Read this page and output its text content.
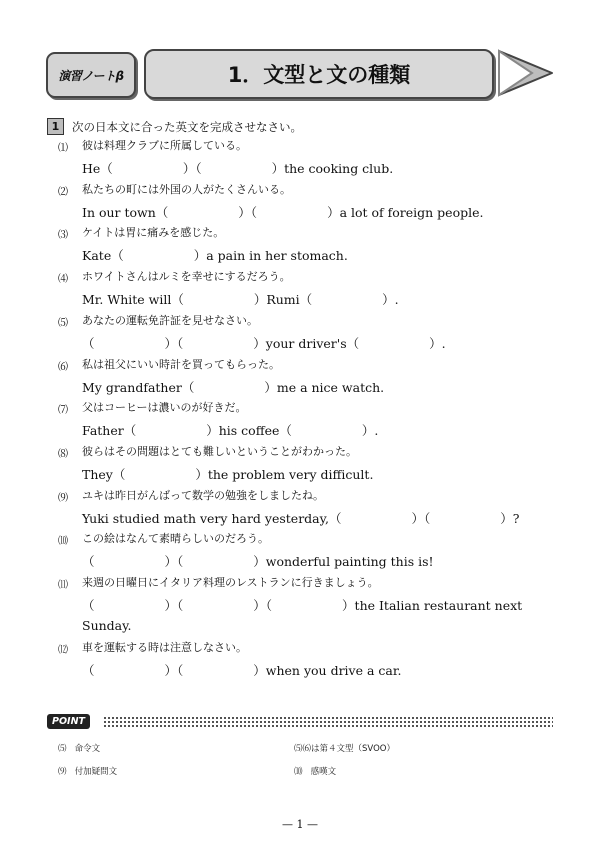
演習ノートβ	1．文型と文の種類
1	次の日本文に合った英文を完成させなさい。
⑴ 彼は料理クラブに所属している。
He（	）（	）the cooking club.
⑵ 私たちの町には外国の人がたくさんいる。
In our town（	）（	）a lot of foreign people.
⑶ ケイトは胃に痛みを感じた。
Kate（	）a pain in her stomach.
⑷ ホワイトさんはルミを幸せにするだろう。
Mr. White will（	）Rumi（	）.
⑸ あなたの運転免許証を見せなさい。
（	）（	）your driver's（	）.
⑹ 私は祖父にいい時計を買ってもらった。
My grandfather（	）me a nice watch.
⑺ 父はコーヒーは濃いのが好きだ。
Father（	）his coffee（	）.
⑻ 彼らはその問題はとても難しいということがわかった。
They（	）the problem very difficult.
⑼ ユキは昨日がんばって数学の勉強をしましたね。
Yuki studied math very hard yesterday,（	）（	）?
⑽ この絵はなんて素晴らしいのだろう。
（	）（	）wonderful painting this is!
⑾ 来週の日曜日にイタリア料理のレストランに行きましょう。
（	）（	）（	）the Italian restaurant next
Sunday.
⑿ 車を運転する時は注意しなさい。
（	）（	）when you drive a car.
POINT
⑸ 命令文	⑸⑹は第４文型（SVOO）
⑼ 付加疑問文	⑽ 感嘆文
— 1 —
